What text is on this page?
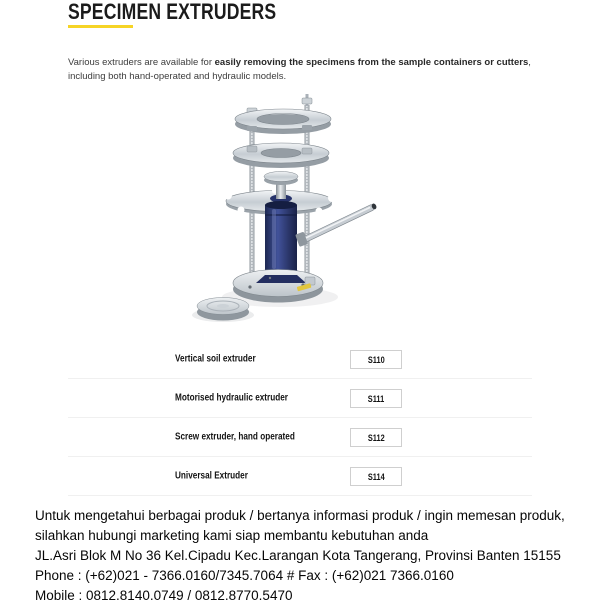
SPECIMEN EXTRUDERS

Various extruders are available for easily removing the specimens from the sample containers or cutters, including both hand-operated and hydraulic models.

Vertical soil extruder	S110
Motorised hydraulic extruder	S111
Screw extruder, hand operated	S112
Universal Extruder	S114
Untuk mengetahui berbagai produk / bertanya informasi produk / ingin memesan produk,
silahkan hubungi marketing kami siap membantu kebutuhan anda
JL.Asri Blok M No 36 Kel.Cipadu Kec.Larangan Kota Tangerang, Provinsi Banten 15155
Phone : (+62)021 - 7366.0160/7345.7064 # Fax : (+62)021 7366.0160
Mobile : 0812.8140.0749 / 0812.8770.5470
